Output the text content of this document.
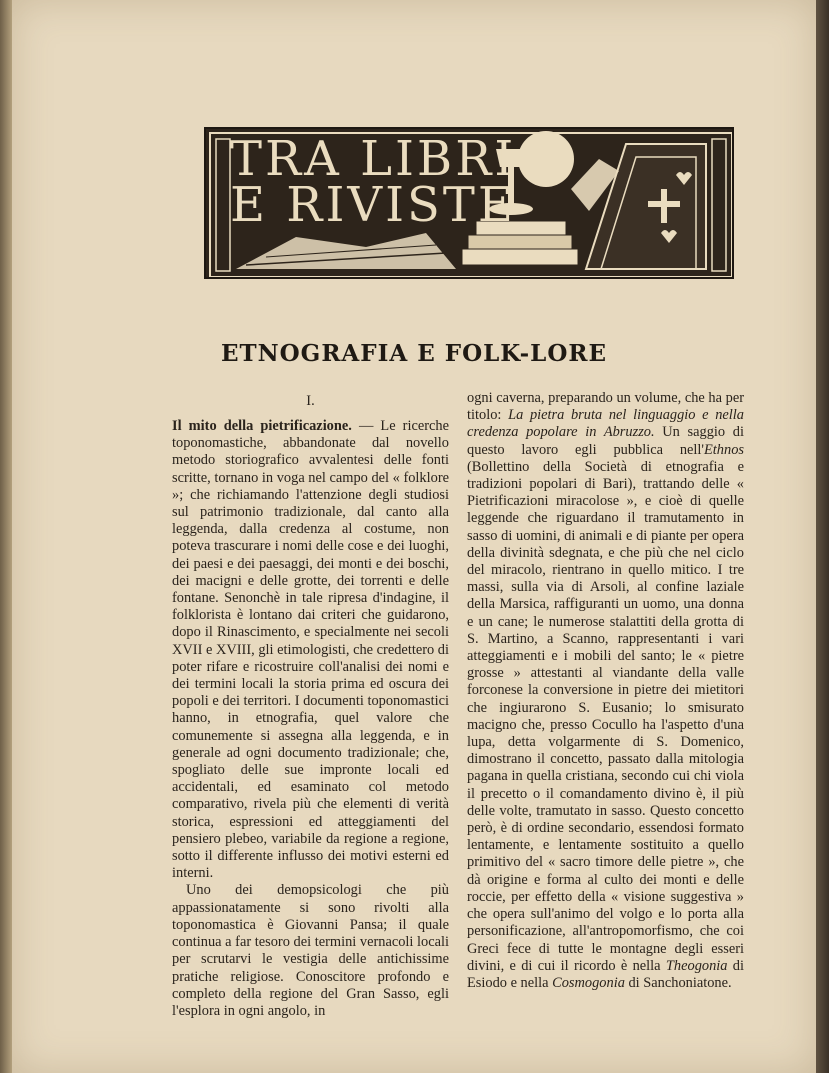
TRA LIBRI
E RIVISTE
ETNOGRAFIA E FOLK-LORE
I.

Il mito della pietrificazione. — Le ricerche toponomastiche, abbandonate dal novello metodo storiografico avvalentesi delle fonti scritte, tornano in voga nel campo del « folklore »; che richiamando l'attenzione degli studiosi sul patrimonio tradizionale, dal canto alla leggenda, dalla credenza al costume, non poteva trascurare i nomi delle cose e dei luoghi, dei paesi e dei paesaggi, dei monti e dei boschi, dei macigni e delle grotte, dei torrenti e delle fontane. Senonchè in tale ripresa d'indagine, il folklorista è lontano dai criteri che guidarono, dopo il Rinascimento, e specialmente nei secoli XVII e XVIII, gli etimologisti, che credettero di poter rifare e ricostruire coll'analisi dei nomi e dei termini locali la storia prima ed oscura dei popoli e dei territori. I documenti toponomastici hanno, in etnografia, quel valore che comunemente si assegna alla leggenda, e in generale ad ogni documento tradizionale; che, spogliato delle sue impronte locali ed accidentali, ed esaminato col metodo comparativo, rivela più che elementi di verità storica, espressioni ed atteggiamenti del pensiero plebeo, variabile da regione a regione, sotto il differente influsso dei motivi esterni ed interni.

Uno dei demopsicologi che più appassionatamente si sono rivolti alla toponomastica è Giovanni Pansa; il quale continua a far tesoro dei termini vernacoli locali per scrutarvi le vestigia delle antichissime pratiche religiose. Conoscitore profondo e completo della regione del Gran Sasso, egli l'esplora in ogni angolo, in

ogni caverna, preparando un volume, che ha per titolo: La pietra bruta nel linguaggio e nella credenza popolare in Abruzzo. Un saggio di questo lavoro egli pubblica nell'Ethnos (Bollettino della Società di etnografia e tradizioni popolari di Bari), trattando delle « Pietrificazioni miracolose », e cioè di quelle leggende che riguardano il tramutamento in sasso di uomini, di animali e di piante per opera della divinità sdegnata, e che più che nel ciclo del miracolo, rientrano in quello mitico. I tre massi, sulla via di Arsoli, al confine laziale della Marsica, raffiguranti un uomo, una donna e un cane; le numerose stalattiti della grotta di S. Martino, a Scanno, rappresentanti i vari atteggiamenti e i mobili del santo; le « pietre grosse » attestanti al viandante della valle forconese la conversione in pietre dei mietitori che ingiurarono S. Eusanio; lo smisurato macigno che, presso Cocullo ha l'aspetto d'una lupa, detta volgarmente di S. Domenico, dimostrano il concetto, passato dalla mitologia pagana in quella cristiana, secondo cui chi viola il precetto o il comandamento divino è, il più delle volte, tramutato in sasso. Questo concetto però, è di ordine secondario, essendosi formato lentamente, e lentamente sostituito a quello primitivo del « sacro timore delle pietre », che dà origine e forma al culto dei monti e delle roccie, per effetto della « visione suggestiva » che opera sull'animo del volgo e lo porta alla personificazione, all'antropomorfismo, che coi Greci fece di tutte le montagne degli esseri divini, e di cui il ricordo è nella Theogonia di Esiodo e nella Cosmogonia di Sanchoniatone.
